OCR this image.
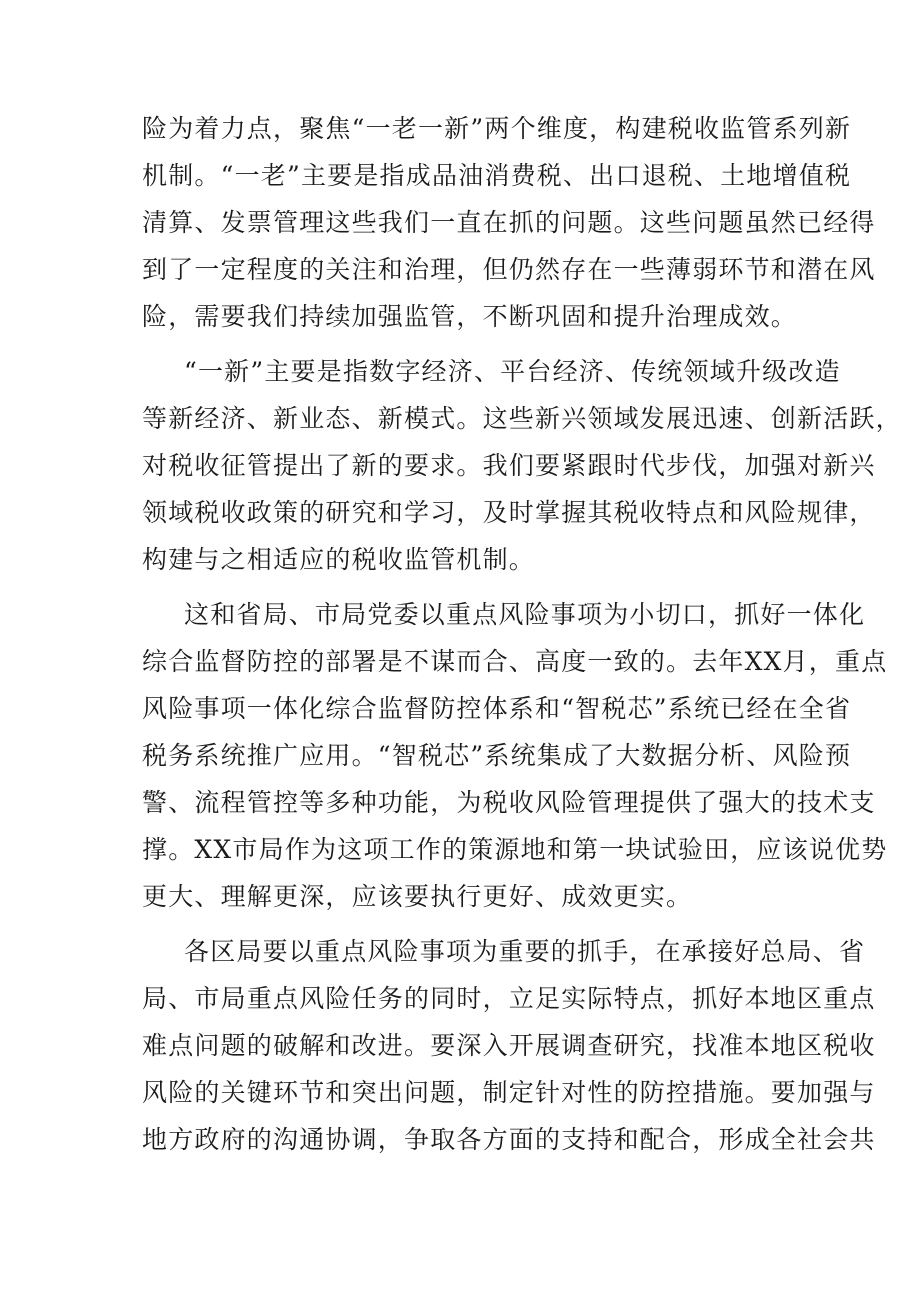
险为着力点，聚焦“一老一新”两个维度，构建税收监管系列新
机制。“一老”主要是指成品油消费税、出口退税、土地增值税
清算、发票管理这些我们一直在抓的问题。这些问题虽然已经得
到了一定程度的关注和治理，但仍然存在一些薄弱环节和潜在风
险，需要我们持续加强监管，不断巩固和提升治理成效。
“一新”主要是指数字经济、平台经济、传统领域升级改造
等新经济、新业态、新模式。这些新兴领域发展迅速、创新活跃，
对税收征管提出了新的要求。我们要紧跟时代步伐，加强对新兴
领域税收政策的研究和学习，及时掌握其税收特点和风险规律，
构建与之相适应的税收监管机制。
这和省局、市局党委以重点风险事项为小切口，抓好一体化
综合监督防控的部署是不谋而合、高度一致的。去年XX月，重点
风险事项一体化综合监督防控体系和“智税芯”系统已经在全省
税务系统推广应用。“智税芯”系统集成了大数据分析、风险预
警、流程管控等多种功能，为税收风险管理提供了强大的技术支
撑。XX市局作为这项工作的策源地和第一块试验田，应该说优势
更大、理解更深，应该要执行更好、成效更实。
各区局要以重点风险事项为重要的抓手，在承接好总局、省
局、市局重点风险任务的同时，立足实际特点，抓好本地区重点
难点问题的破解和改进。要深入开展调查研究，找准本地区税收
风险的关键环节和突出问题，制定针对性的防控措施。要加强与
地方政府的沟通协调，争取各方面的支持和配合，形成全社会共
